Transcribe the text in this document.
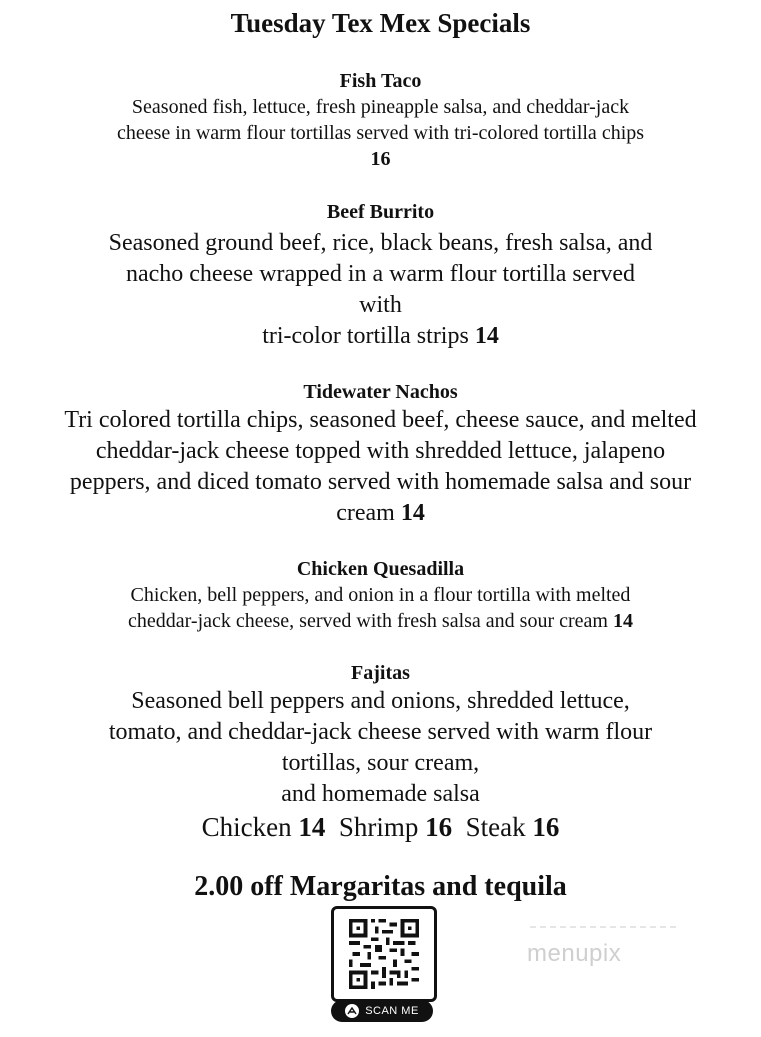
Tuesday Tex Mex Specials
Fish Taco
Seasoned fish, lettuce, fresh pineapple salsa, and cheddar-jack
cheese in warm flour tortillas served with tri-colored tortilla chips
16
Beef Burrito
Seasoned ground beef, rice, black beans, fresh salsa, and
nacho cheese wrapped in a warm flour tortilla served
with
tri-color tortilla strips 14
Tidewater Nachos
Tri colored tortilla chips, seasoned beef, cheese sauce, and melted
cheddar-jack cheese topped with shredded lettuce, jalapeno
peppers, and diced tomato served with homemade salsa and sour
cream 14
Chicken Quesadilla
Chicken, bell peppers, and onion in a flour tortilla with melted
cheddar-jack cheese, served with fresh salsa and sour cream 14
Fajitas
Seasoned bell peppers and onions, shredded lettuce,
tomato, and cheddar-jack cheese served with warm flour
tortillas, sour cream,
and homemade salsa
Chicken 14 Shrimp 16 Steak 16
2.00 off Margaritas and tequila
SCAN ME
menupix
